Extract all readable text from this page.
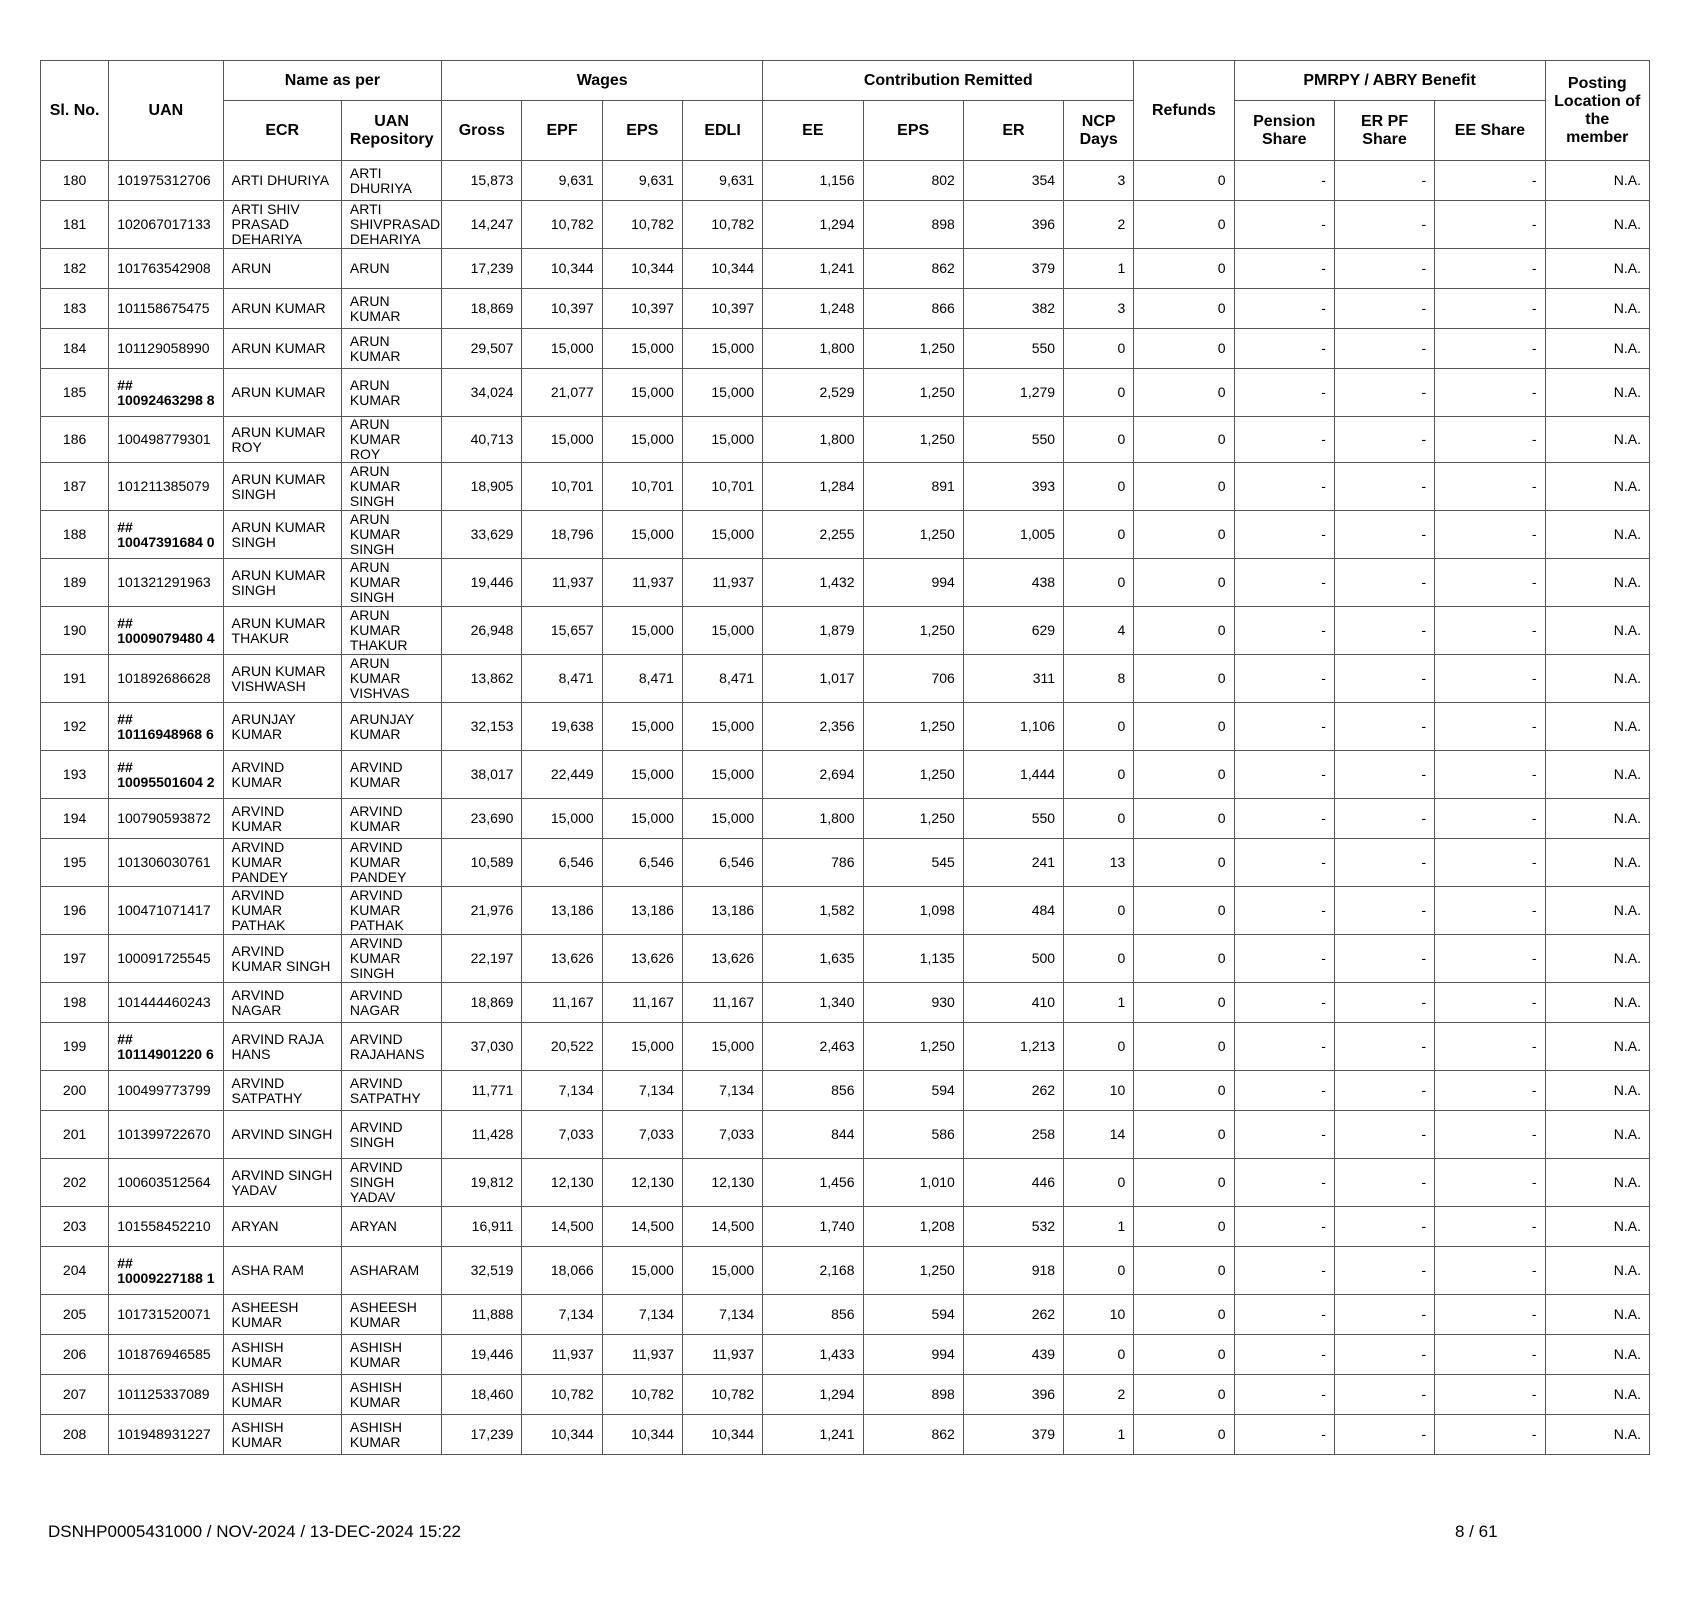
Sl. No.	UAN	Name as per		Wages				Contribution Remitted				Refunds	PMRPY / ABRY Benefit			Posting Location of the member
		ECR	UAN Repository	Gross	EPF	EPS	EDLI	EE	EPS	ER	NCP Days		Pension Share	ER PF Share	EE Share	
180	101975312706	ARTI DHURIYA	ARTI DHURIYA	15,873	9,631	9,631	9,631	1,156	802	354	3	0	-	-	-	N.A.
181	102067017133	ARTI SHIV PRASAD DEHARIYA	ARTI SHIVPRASAD DEHARIYA	14,247	10,782	10,782	10,782	1,294	898	396	2	0	-	-	-	N.A.
182	101763542908	ARUN	ARUN	17,239	10,344	10,344	10,344	1,241	862	379	1	0	-	-	-	N.A.
183	101158675475	ARUN KUMAR	ARUN KUMAR	18,869	10,397	10,397	10,397	1,248	866	382	3	0	-	-	-	N.A.
184	101129058990	ARUN KUMAR	ARUN KUMAR	29,507	15,000	15,000	15,000	1,800	1,250	550	0	0	-	-	-	N.A.
185	## 10092463298 8	ARUN KUMAR	ARUN KUMAR	34,024	21,077	15,000	15,000	2,529	1,250	1,279	0	0	-	-	-	N.A.
186	100498779301	ARUN KUMAR ROY	ARUN KUMAR ROY	40,713	15,000	15,000	15,000	1,800	1,250	550	0	0	-	-	-	N.A.
187	101211385079	ARUN KUMAR SINGH	ARUN KUMAR SINGH	18,905	10,701	10,701	10,701	1,284	891	393	0	0	-	-	-	N.A.
188	## 10047391684 0	ARUN KUMAR SINGH	ARUN KUMAR SINGH	33,629	18,796	15,000	15,000	2,255	1,250	1,005	0	0	-	-	-	N.A.
189	101321291963	ARUN KUMAR SINGH	ARUN KUMAR SINGH	19,446	11,937	11,937	11,937	1,432	994	438	0	0	-	-	-	N.A.
190	## 10009079480 4	ARUN KUMAR THAKUR	ARUN KUMAR THAKUR	26,948	15,657	15,000	15,000	1,879	1,250	629	4	0	-	-	-	N.A.
191	101892686628	ARUN KUMAR VISHWASH	ARUN KUMAR VISHVAS	13,862	8,471	8,471	8,471	1,017	706	311	8	0	-	-	-	N.A.
192	## 10116948968 6	ARUNJAY KUMAR	ARUNJAY KUMAR	32,153	19,638	15,000	15,000	2,356	1,250	1,106	0	0	-	-	-	N.A.
193	## 10095501604 2	ARVIND KUMAR	ARVIND KUMAR	38,017	22,449	15,000	15,000	2,694	1,250	1,444	0	0	-	-	-	N.A.
194	100790593872	ARVIND KUMAR	ARVIND KUMAR	23,690	15,000	15,000	15,000	1,800	1,250	550	0	0	-	-	-	N.A.
195	101306030761	ARVIND KUMAR PANDEY	ARVIND KUMAR PANDEY	10,589	6,546	6,546	6,546	786	545	241	13	0	-	-	-	N.A.
196	100471071417	ARVIND KUMAR PATHAK	ARVIND KUMAR PATHAK	21,976	13,186	13,186	13,186	1,582	1,098	484	0	0	-	-	-	N.A.
197	100091725545	ARVIND KUMAR SINGH	ARVIND KUMAR SINGH	22,197	13,626	13,626	13,626	1,635	1,135	500	0	0	-	-	-	N.A.
198	101444460243	ARVIND NAGAR	ARVIND NAGAR	18,869	11,167	11,167	11,167	1,340	930	410	1	0	-	-	-	N.A.
199	## 10114901220 6	ARVIND RAJA HANS	ARVIND RAJAHANS	37,030	20,522	15,000	15,000	2,463	1,250	1,213	0	0	-	-	-	N.A.
200	100499773799	ARVIND SATPATHY	ARVIND SATPATHY	11,771	7,134	7,134	7,134	856	594	262	10	0	-	-	-	N.A.
201	101399722670	ARVIND SINGH	ARVIND SINGH	11,428	7,033	7,033	7,033	844	586	258	14	0	-	-	-	N.A.
202	100603512564	ARVIND SINGH YADAV	ARVIND SINGH YADAV	19,812	12,130	12,130	12,130	1,456	1,010	446	0	0	-	-	-	N.A.
203	101558452210	ARYAN	ARYAN	16,911	14,500	14,500	14,500	1,740	1,208	532	1	0	-	-	-	N.A.
204	## 10009227188 1	ASHA RAM	ASHARAM	32,519	18,066	15,000	15,000	2,168	1,250	918	0	0	-	-	-	N.A.
205	101731520071	ASHEESH KUMAR	ASHEESH KUMAR	11,888	7,134	7,134	7,134	856	594	262	10	0	-	-	-	N.A.
206	101876946585	ASHISH KUMAR	ASHISH KUMAR	19,446	11,937	11,937	11,937	1,433	994	439	0	0	-	-	-	N.A.
207	101125337089	ASHISH KUMAR	ASHISH KUMAR	18,460	10,782	10,782	10,782	1,294	898	396	2	0	-	-	-	N.A.
208	101948931227	ASHISH KUMAR	ASHISH KUMAR	17,239	10,344	10,344	10,344	1,241	862	379	1	0	-	-	-	N.A.
DSNHP0005431000 / NOV-2024 / 13-DEC-2024 15:22	8 / 61
